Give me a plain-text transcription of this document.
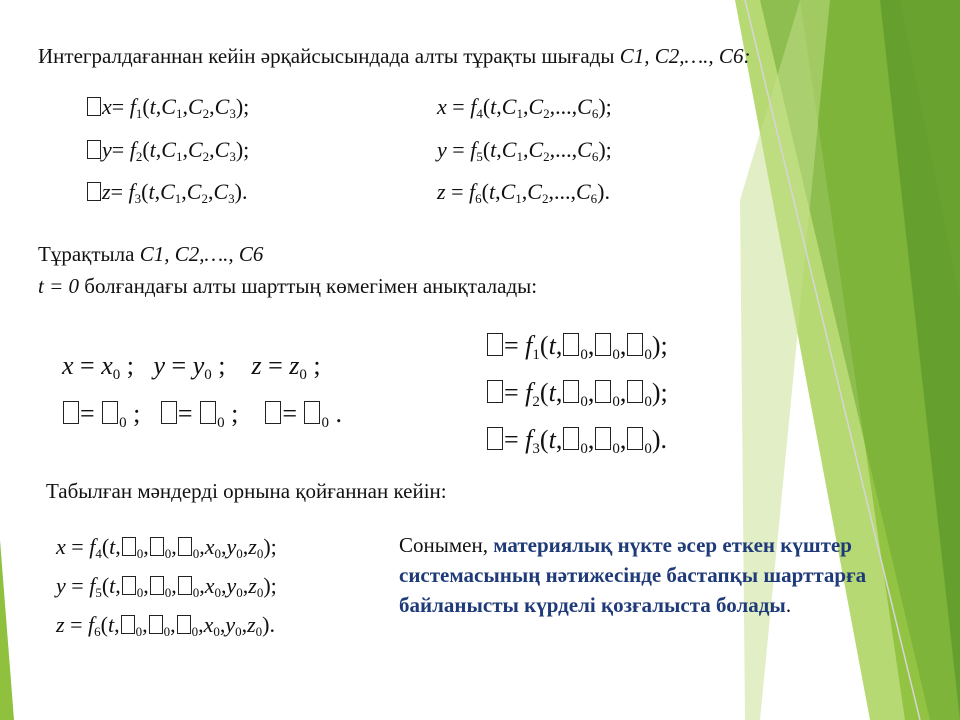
Интегралдағаннан кейін әрқайсысындада алты тұрақты шығады C1, C2,…., C6:
x= f1(t,C1,C2,C3);
y= f2(t,C1,C2,C3);
z= f3(t,C1,C2,C3).
x = f4(t,C1,C2,...,C6);
y = f5(t,C1,C2,...,C6);
z = f6(t,C1,C2,...,C6).
Тұрақтыла C1, C2,…., C6
t = 0 болғандағы алты шарттың көмегімен анықталады:
x = x0 ;   y = y0 ;    z = z0 ;
= 0 ;   = 0 ;    = 0 .
= f1(t, 0, 0, 0);
= f2(t, 0, 0, 0);
= f3(t, 0, 0, 0).
Табылған мәндерді орнына қойғаннан кейін:
x = f4(t, 0, 0, 0,x0,y0,z0);
y = f5(t, 0, 0, 0,x0,y0,z0);
z = f6(t, 0, 0, 0,x0,y0,z0).
Сонымен, материялық нүкте әсер еткен күштер системасының нәтижесінде бастапқы шарттарға байланысты күрделі қозғалыста болады.
